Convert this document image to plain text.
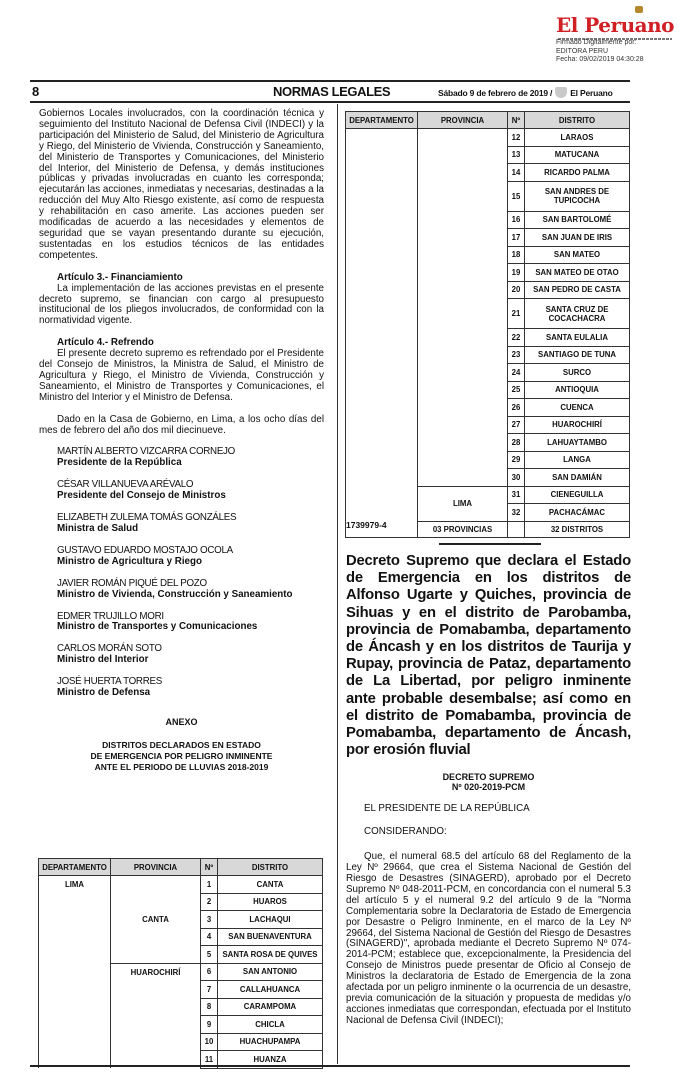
El Peruano
Firmado Digitalmente por:
EDITORA PERU
Fecha: 09/02/2019 04:30:28
8	NORMAS LEGALES	Sábado 9 de febrero de 2019 / El Peruano

Gobiernos Locales involucrados, con la coordinación técnica y seguimiento del Instituto Nacional de Defensa Civil (INDECI) y la participación del Ministerio de Salud, del Ministerio de Agricultura y Riego, del Ministerio de Vivienda, Construcción y Saneamiento, del Ministerio de Transportes y Comunicaciones, del Ministerio del Interior, del Ministerio de Defensa, y demás instituciones públicas y privadas involucradas en cuanto les corresponda; ejecutarán las acciones, inmediatas y necesarias, destinadas a la reducción del Muy Alto Riesgo existente, así como de respuesta y rehabilitación en caso amerite. Las acciones pueden ser modificadas de acuerdo a las necesidades y elementos de seguridad que se vayan presentando durante su ejecución, sustentadas en los estudios técnicos de las entidades competentes.

Artículo 3.- Financiamiento

La implementación de las acciones previstas en el presente decreto supremo, se financian con cargo al presupuesto institucional de los pliegos involucrados, de conformidad con la normatividad vigente.

Artículo 4.- Refrendo

El presente decreto supremo es refrendado por el Presidente del Consejo de Ministros, la Ministra de Salud, el Ministro de Agricultura y Riego, el Ministro de Vivienda, Construcción y Saneamiento, el Ministro de Transportes y Comunicaciones, el Ministro del Interior y el Ministro de Defensa.

Dado en la Casa de Gobierno, en Lima, a los ocho días del mes de febrero del año dos mil diecinueve.

MARTÍN ALBERTO VIZCARRA CORNEJO
Presidente de la República
CÉSAR VILLANUEVA ARÉVALO
Presidente del Consejo de Ministros
ELIZABETH ZULEMA TOMÁS GONZÁLES
Ministra de Salud
GUSTAVO EDUARDO MOSTAJO OCOLA
Ministro de Agricultura y Riego
JAVIER ROMÁN PIQUÉ DEL POZO
Ministro de Vivienda, Construcción y Saneamiento
EDMER TRUJILLO MORI
Ministro de Transportes y Comunicaciones
CARLOS MORÁN SOTO
Ministro del Interior
JOSÉ HUERTA TORRES
Ministro de Defensa
ANEXO
DISTRITOS DECLARADOS EN ESTADO
DE EMERGENCIA POR PELIGRO INMINENTE
ANTE EL PERIODO DE LLUVIAS 2018-2019
DEPARTAMENTO	PROVINCIA	Nº	DISTRITO
LIMA	CANTA	1	CANTA
		2	HUAROS
		3	LACHAQUI
		4	SAN BUENAVENTURA
		5	SANTA ROSA DE QUIVES
	HUAROCHIRÍ	6	SAN ANTONIO
		7	CALLAHUANCA
		8	CARAMPOMA
		9	CHICLA
		10	HUACHUPAMPA
		11	HUANZA
DEPARTAMENTO	PROVINCIA	Nº	DISTRITO
		12	LARAOS
		13	MATUCANA
		14	RICARDO PALMA
		15	SAN ANDRES DE TUPICOCHA
		16	SAN BARTOLOMÉ
		17	SAN JUAN DE IRIS
		18	SAN MATEO
		19	SAN MATEO DE OTAO
		20	SAN PEDRO DE CASTA
		21	SANTA CRUZ DE COCACHACRA
		22	SANTA EULALIA
		23	SANTIAGO DE TUNA
		24	SURCO
		25	ANTIOQUIA
		26	CUENCA
		27	HUAROCHIRÍ
		28	LAHUAYTAMBO
		29	LANGA
		30	SAN DAMIÁN
	LIMA	31	CIENEGUILLA
		32	PACHACÁMAC
	03 PROVINCIAS		32 DISTRITOS
1739979-4
Decreto Supremo que declara el Estado de Emergencia en los distritos de Alfonso Ugarte y Quiches, provincia de Sihuas y en el distrito de Parobamba, provincia de Pomabamba, departamento de Áncash y en los distritos de Taurija y Rupay, provincia de Pataz, departamento de La Libertad, por peligro inminente ante probable desembalse; así como en el distrito de Pomabamba, provincia de Pomabamba, departamento de Áncash, por erosión fluvial
DECRETO SUPREMO
Nº 020-2019-PCM
EL PRESIDENTE DE LA REPÚBLICA
CONSIDERANDO:

Que, el numeral 68.5 del artículo 68 del Reglamento de la Ley Nº 29664, que crea el Sistema Nacional de Gestión del Riesgo de Desastres (SINAGERD), aprobado por el Decreto Supremo Nº 048-2011-PCM, en concordancia con el numeral 5.3 del artículo 5 y el numeral 9.2 del artículo 9 de la "Norma Complementaria sobre la Declaratoria de Estado de Emergencia por Desastre o Peligro Inminente, en el marco de la Ley Nº 29664, del Sistema Nacional de Gestión del Riesgo de Desastres (SINAGERD)", aprobada mediante el Decreto Supremo Nº 074-2014-PCM; establece que, excepcionalmente, la Presidencia del Consejo de Ministros puede presentar de Oficio al Consejo de Ministros la declaratoria de Estado de Emergencia de la zona afectada por un peligro inminente o la ocurrencia de un desastre, previa comunicación de la situación y propuesta de medidas y/o acciones inmediatas que correspondan, efectuada por el Instituto Nacional de Defensa Civil (INDECI);
